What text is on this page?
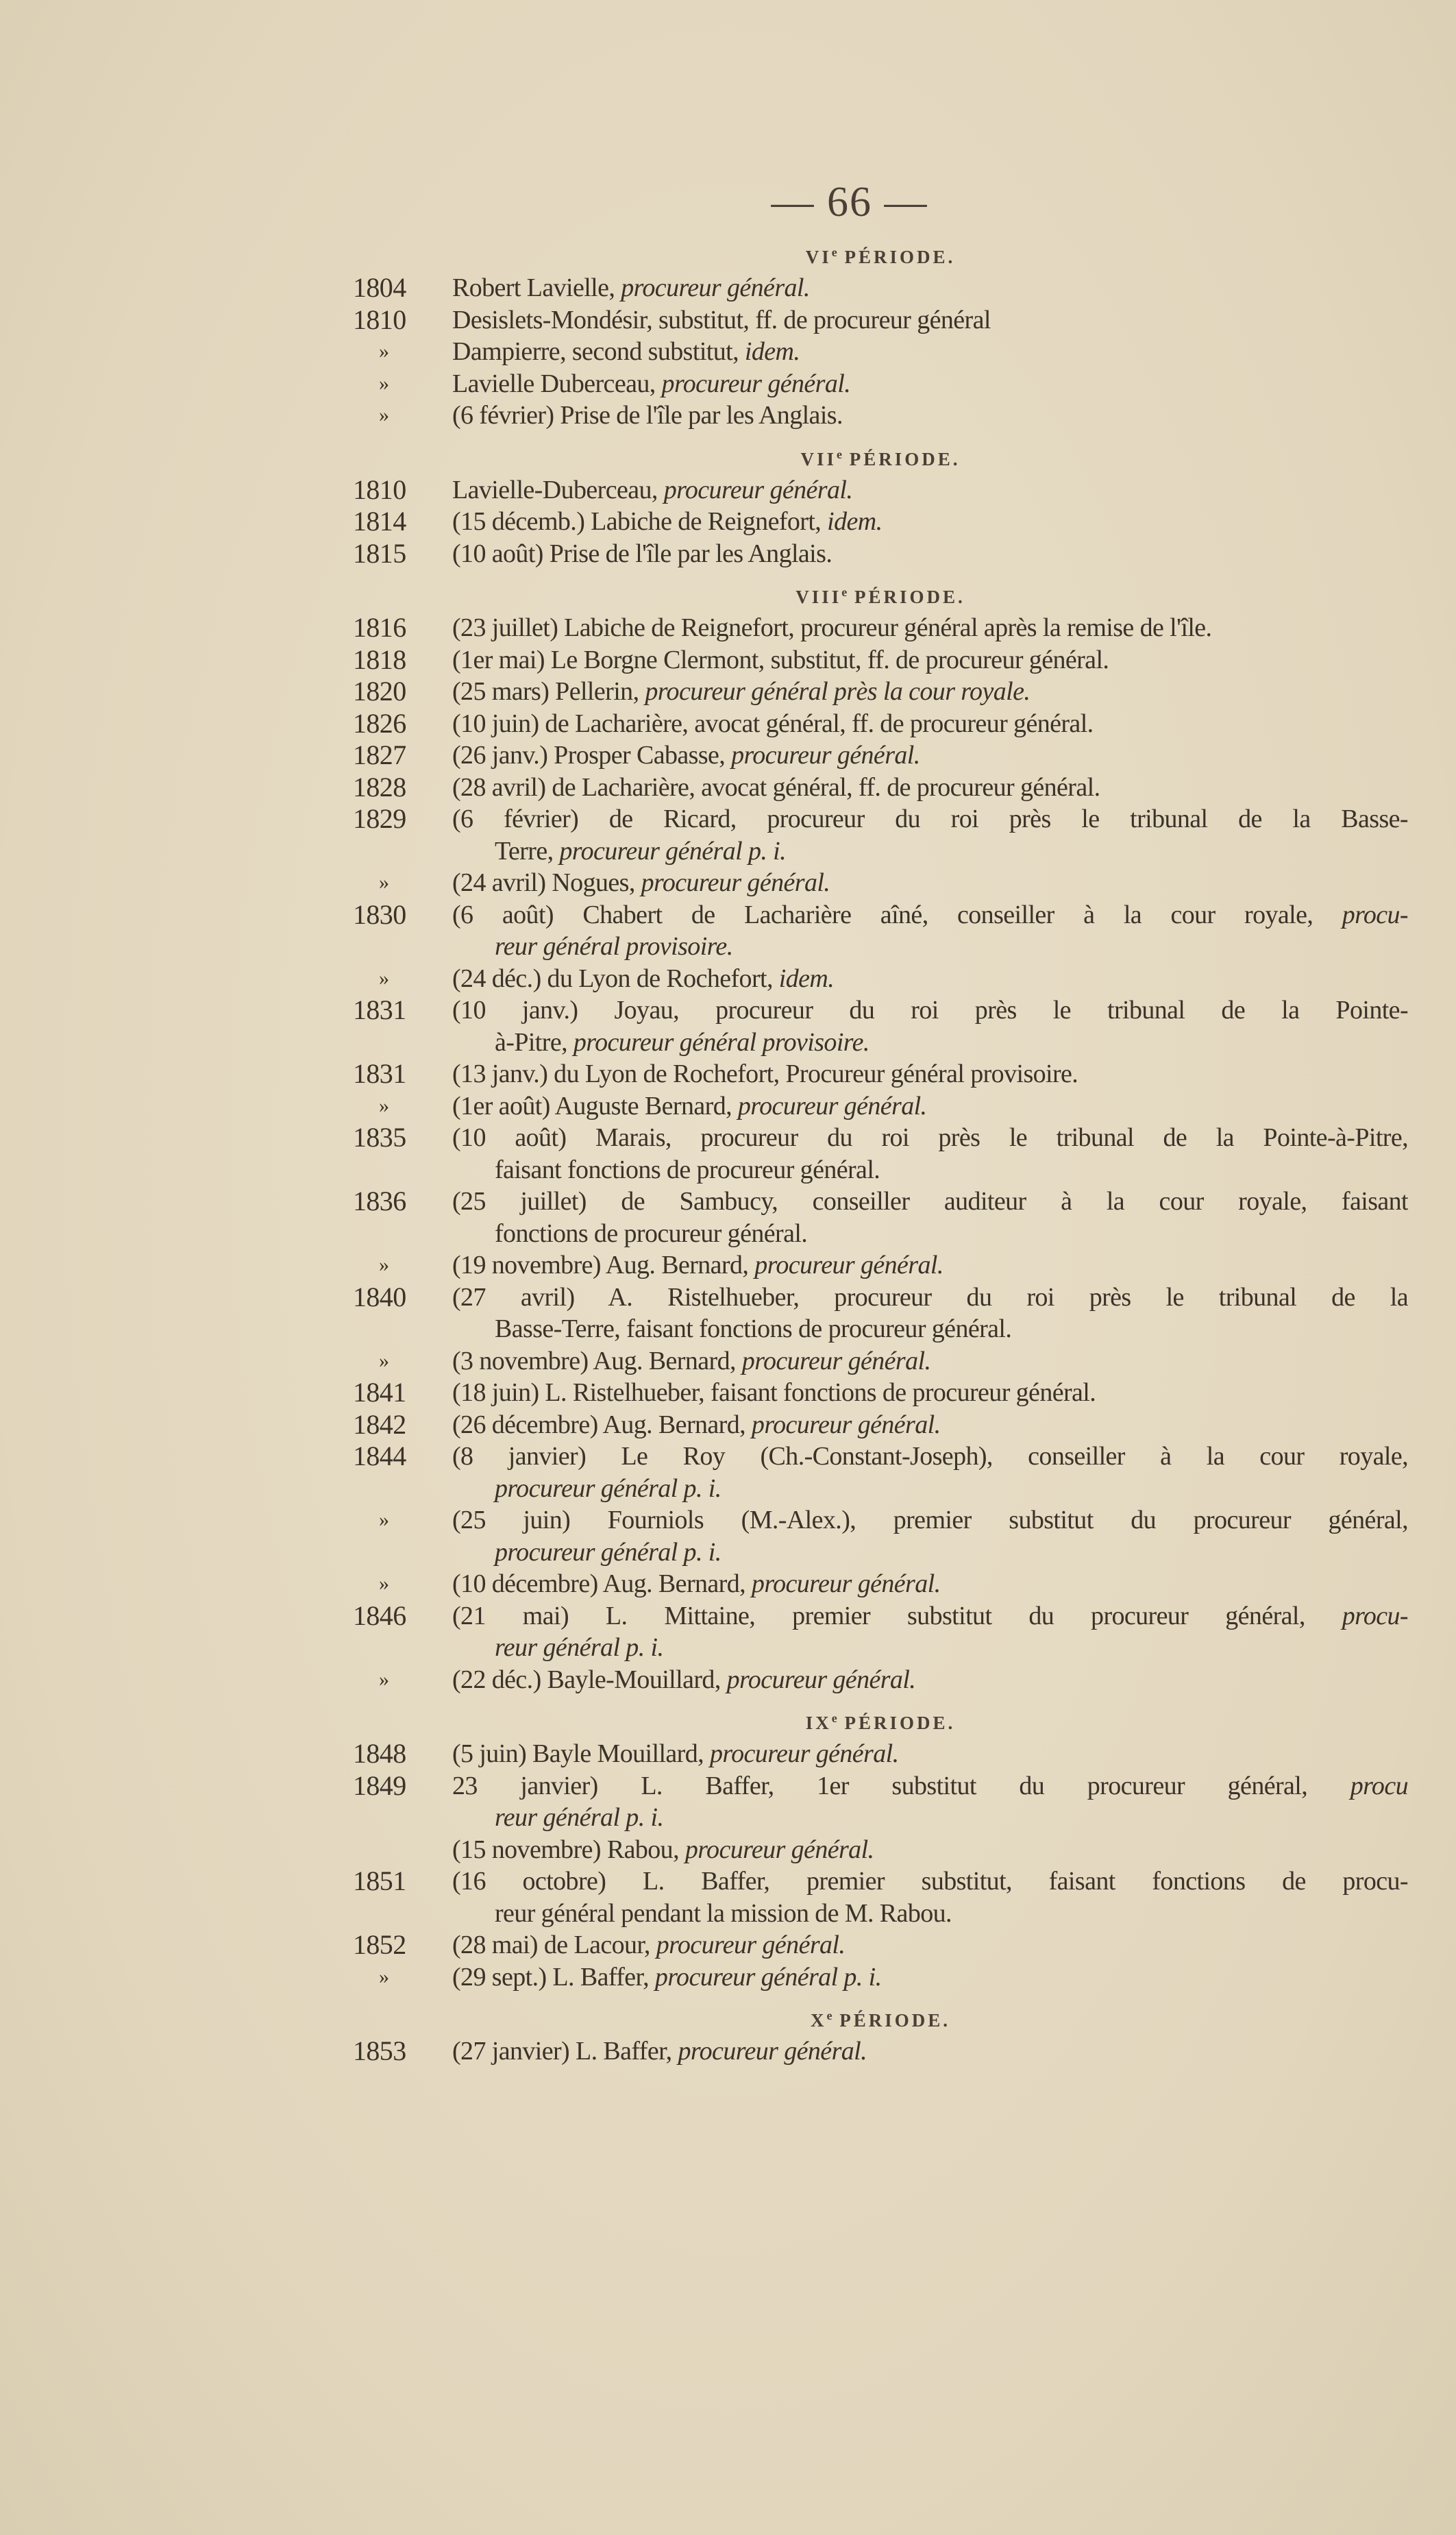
— 66 —
VIe PÉRIODE.
1804	Robert Lavielle, procureur général.
1810	Desislets-Mondésir, substitut, ff. de procureur général
»	Dampierre, second substitut, idem.
»	Lavielle Duberceau, procureur général.
»	(6 février) Prise de l'île par les Anglais.
VIIe PÉRIODE.
1810	Lavielle-Duberceau, procureur général.
1814	(15 décemb.) Labiche de Reignefort, idem.
1815	(10 août) Prise de l'île par les Anglais.
VIIIe PÉRIODE.
1816	(23 juillet) Labiche de Reignefort, procureur général après la remise de l'île.
1818	(1er mai) Le Borgne Clermont, substitut, ff. de procureur général.
1820	(25 mars) Pellerin, procureur général près la cour royale.
1826	(10 juin) de Lacharière, avocat général, ff. de procureur général.
1827	(26 janv.) Prosper Cabasse, procureur général.
1828	(28 avril) de Lacharière, avocat général, ff. de procureur général.
1829	(6 février) de Ricard, procureur du roi près le tribunal de la Basse-
Terre, procureur général p. i.
»	(24 avril) Nogues, procureur général.
1830	(6 août) Chabert de Lacharière aîné, conseiller à la cour royale, procu-
reur général provisoire.
»	(24 déc.) du Lyon de Rochefort, idem.
1831	(10 janv.) Joyau, procureur du roi près le tribunal de la Pointe-
à-Pitre, procureur général provisoire.
1831	(13 janv.) du Lyon de Rochefort, Procureur général provisoire.
»	(1er août) Auguste Bernard, procureur général.
1835	(10 août) Marais, procureur du roi près le tribunal de la Pointe-à-Pitre,
faisant fonctions de procureur général.
1836	(25 juillet) de Sambucy, conseiller auditeur à la cour royale, faisant
fonctions de procureur général.
»	(19 novembre) Aug. Bernard, procureur général.
1840	(27 avril) A. Ristelhueber, procureur du roi près le tribunal de la
Basse-Terre, faisant fonctions de procureur général.
»	(3 novembre) Aug. Bernard, procureur général.
1841	(18 juin) L. Ristelhueber, faisant fonctions de procureur général.
1842	(26 décembre) Aug. Bernard, procureur général.
1844	(8 janvier) Le Roy (Ch.-Constant-Joseph), conseiller à la cour royale,
procureur général p. i.
»	(25 juin) Fourniols (M.-Alex.), premier substitut du procureur général,
procureur général p. i.
»	(10 décembre) Aug. Bernard, procureur général.
1846	(21 mai) L. Mittaine, premier substitut du procureur général, procu-
reur général p. i.
»	(22 déc.) Bayle-Mouillard, procureur général.
IXe PÉRIODE.
1848	(5 juin) Bayle Mouillard, procureur général.
1849	23 janvier) L. Baffer, 1er substitut du procureur général, procu
reur général p. i.
(15 novembre) Rabou, procureur général.
1851	(16 octobre) L. Baffer, premier substitut, faisant fonctions de procu-
reur général pendant la mission de M. Rabou.
1852	(28 mai) de Lacour, procureur général.
»	(29 sept.) L. Baffer, procureur général p. i.
Xe PÉRIODE.
1853	(27 janvier) L. Baffer, procureur général.
